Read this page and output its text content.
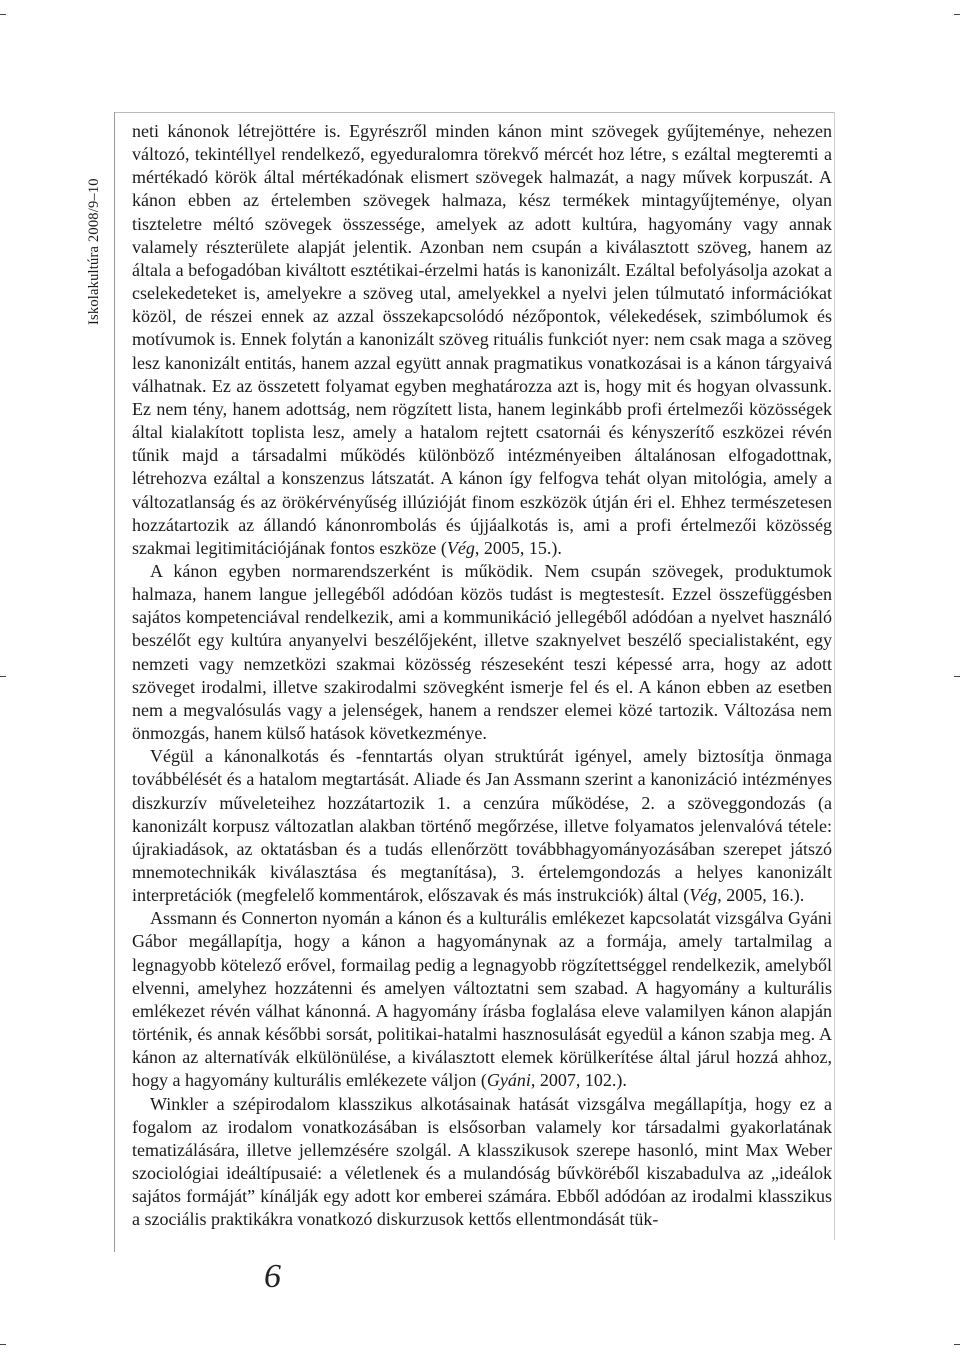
Iskolakultúra 2008/9–10

neti kánonok létrejöttére is. Egyrészről minden kánon mint szövegek gyűjteménye, nehezen változó, tekintéllyel rendelkező, egyeduralomra törekvő mércét hoz létre, s ezáltal megteremti a mértékadó körök által mértékadónak elismert szövegek halmazát, a nagy művek korpuszát. A kánon ebben az értelemben szövegek halmaza, kész termékek mintagyűjteménye, olyan tiszteletre méltó szövegek összessége, amelyek az adott kultúra, hagyomány vagy annak valamely részterülete alapját jelentik. Azonban nem csupán a kiválasztott szöveg, hanem az általa a befogadóban kiváltott esztétikai-érzelmi hatás is kanonizált. Ezáltal befolyásolja azokat a cselekedeteket is, amelyekre a szöveg utal, amelyekkel a nyelvi jelen túlmutató információkat közöl, de részei ennek az azzal összekapcsolódó nézőpontok, vélekedések, szimbólumok és motívumok is. Ennek folytán a kanonizált szöveg rituális funkciót nyer: nem csak maga a szöveg lesz kanonizált entitás, hanem azzal együtt annak pragmatikus vonatkozásai is a kánon tárgyaivá válhatnak. Ez az összetett folyamat egyben meghatározza azt is, hogy mit és hogyan olvassunk. Ez nem tény, hanem adottság, nem rögzített lista, hanem leginkább profi értelmezői közösségek által kialakított toplista lesz, amely a hatalom rejtett csatornái és kényszerítő eszközei révén tűnik majd a társadalmi működés különböző intézményeiben általánosan elfogadottnak, létrehozva ezáltal a konszenzus látszatát. A kánon így felfogva tehát olyan mitológia, amely a változatlanság és az örökérvényűség illúzióját finom eszközök útján éri el. Ehhez természetesen hozzátartozik az állandó kánonrombolás és újjáalkotás is, ami a profi értelmezői közösség szakmai legitimitációjának fontos eszköze (Vég, 2005, 15.).

A kánon egyben normarendszerként is működik. Nem csupán szövegek, produktumok halmaza, hanem langue jellegéből adódóan közös tudást is megtestesít. Ezzel összefüggésben sajátos kompetenciával rendelkezik, ami a kommunikáció jellegéből adódóan a nyelvet használó beszélőt egy kultúra anyanyelvi beszélőjeként, illetve szaknyelvet beszélő specialistaként, egy nemzeti vagy nemzetközi szakmai közösség részeseként teszi képessé arra, hogy az adott szöveget irodalmi, illetve szakirodalmi szövegként ismerje fel és el. A kánon ebben az esetben nem a megvalósulás vagy a jelenségek, hanem a rendszer elemei közé tartozik. Változása nem önmozgás, hanem külső hatások következménye.

Végül a kánonalkotás és -fenntartás olyan struktúrát igényel, amely biztosítja önmaga továbbélését és a hatalom megtartását. Aliade és Jan Assmann szerint a kanonizáció intézményes diszkurzív műveleteihez hozzátartozik 1. a cenzúra működése, 2. a szöveggondozás (a kanonizált korpusz változatlan alakban történő megőrzése, illetve folyamatos jelenvalóvá tétele: újrakiadások, az oktatásban és a tudás ellenőrzött továbbhagyományozásában szerepet játszó mnemotechnikák kiválasztása és megtanítása), 3. értelemgondozás a helyes kanonizált interpretációk (megfelelő kommentárok, előszavak és más instrukciók) által (Vég, 2005, 16.).

Assmann és Connerton nyomán a kánon és a kulturális emlékezet kapcsolatát vizsgálva Gyáni Gábor megállapítja, hogy a kánon a hagyománynak az a formája, amely tartalmilag a legnagyobb kötelező erővel, formailag pedig a legnagyobb rögzítettséggel rendelkezik, amelyből elvenni, amelyhez hozzátenni és amelyen változtatni sem szabad. A hagyomány a kulturális emlékezet révén válhat kánonná. A hagyomány írásba foglalása eleve valamilyen kánon alapján történik, és annak későbbi sorsát, politikai-hatalmi hasznosulását egyedül a kánon szabja meg. A kánon az alternatívák elkülönülése, a kiválasztott elemek körülkerítése által járul hozzá ahhoz, hogy a hagyomány kulturális emlékezete váljon (Gyáni, 2007, 102.).

Winkler a szépirodalom klasszikus alkotásainak hatását vizsgálva megállapítja, hogy ez a fogalom az irodalom vonatkozásában is elsősorban valamely kor társadalmi gyakorlatának tematizálására, illetve jellemzésére szolgál. A klasszikusok szerepe hasonló, mint Max Weber szociológiai ideáltípusaié: a véletlenek és a mulandóság bűvköréből kiszabadulva az „ideálok sajátos formáját” kínálják egy adott kor emberei számára. Ebből adódóan az irodalmi klasszikus a szociális praktikákra vonatkozó diskurzusok kettős ellentmondását tük-

6
